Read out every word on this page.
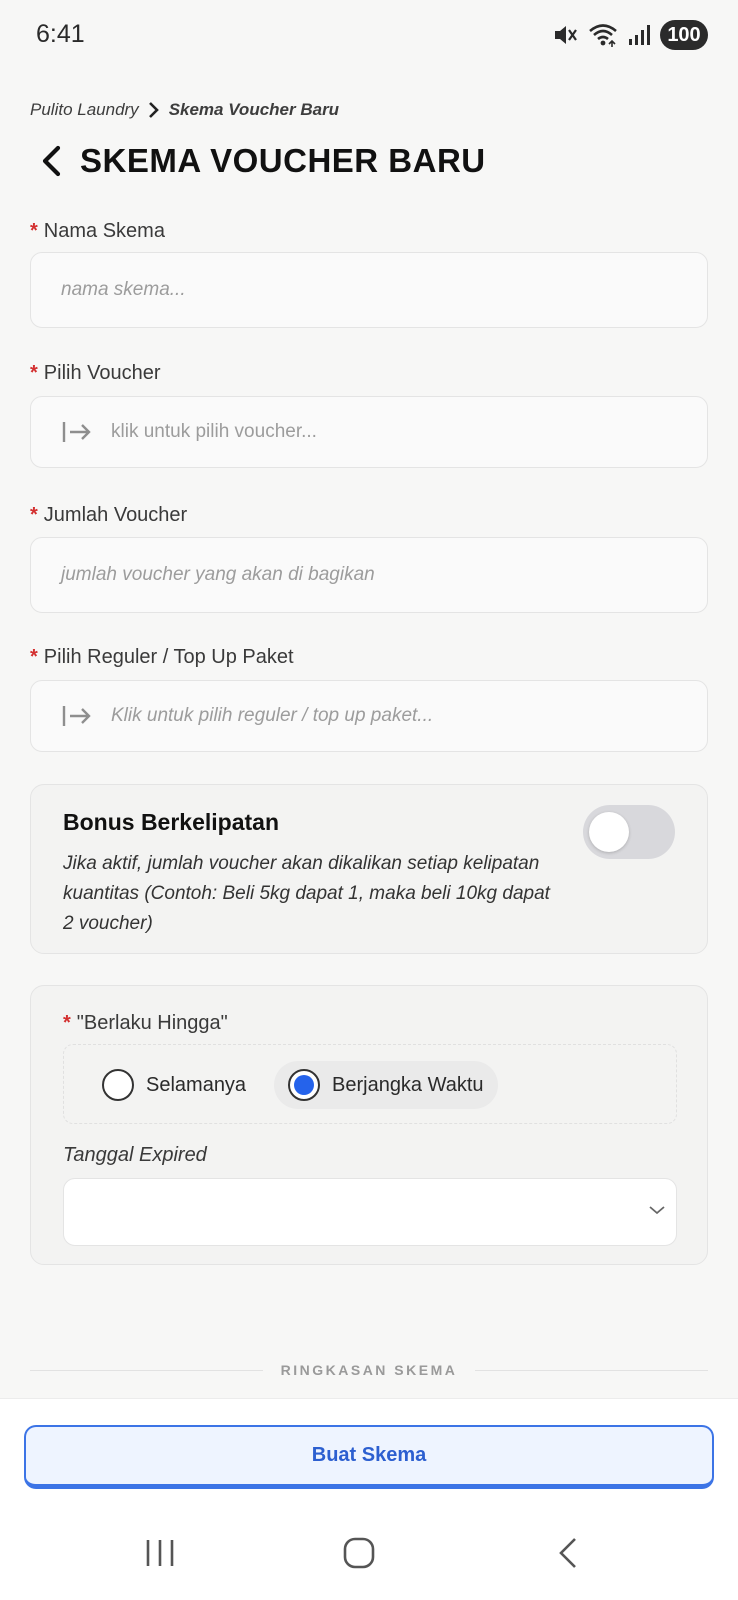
6:41	100
Pulito Laundry Skema Voucher Baru
SKEMA VOUCHER BARU
* Nama Skema
nama skema...
* Pilih Voucher
klik untuk pilih voucher...
* Jumlah Voucher
jumlah voucher yang akan di bagikan
* Pilih Reguler / Top Up Paket
Klik untuk pilih reguler / top up paket...
Bonus Berkelipatan
Jika aktif, jumlah voucher akan dikalikan setiap kelipatan kuantitas (Contoh: Beli 5kg dapat 1, maka beli 10kg dapat 2 voucher)
* "Berlaku Hingga"
Selamanya	Berjangka Waktu
Tanggal Expired
RINGKASAN SKEMA
Buat Skema
